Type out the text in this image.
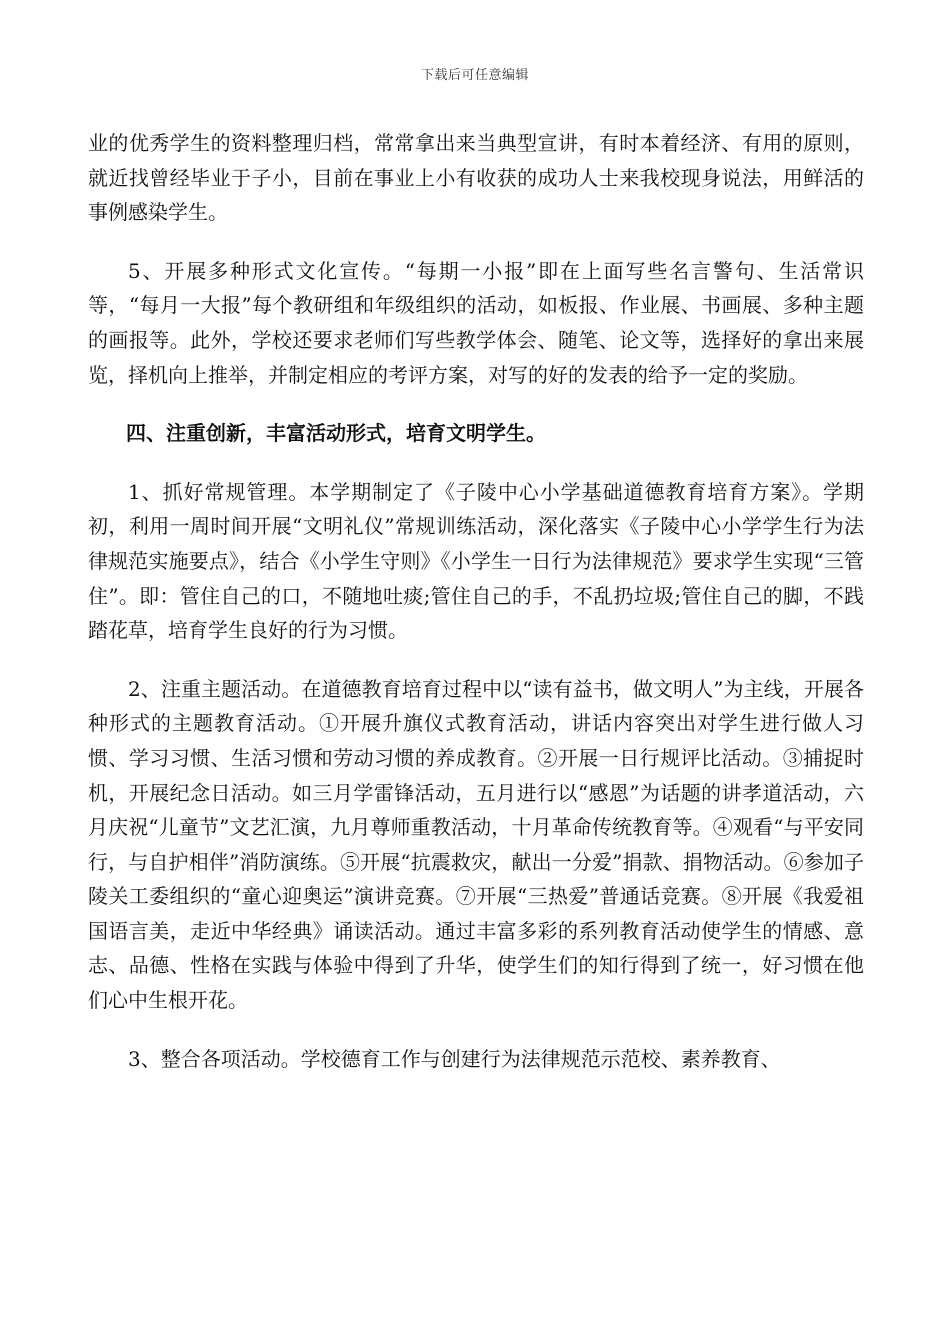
下载后可任意编辑

业的优秀学生的资料整理归档，常常拿出来当典型宣讲，有时本着经济、有用的原则，就近找曾经毕业于子小，目前在事业上小有收获的成功人士来我校现身说法，用鲜活的事例感染学生。

5、开展多种形式文化宣传。“每期一小报”即在上面写些名言警句、生活常识等，“每月一大报”每个教研组和年级组织的活动，如板报、作业展、书画展、多种主题的画报等。此外，学校还要求老师们写些教学体会、随笔、论文等，选择好的拿出来展览，择机向上推举，并制定相应的考评方案，对写的好的发表的给予一定的奖励。

四、注重创新，丰富活动形式，培育文明学生。

1、抓好常规管理。本学期制定了《子陵中心小学基础道德教育培育方案》。学期初，利用一周时间开展“文明礼仪”常规训练活动，深化落实《子陵中心小学学生行为法律规范实施要点》，结合《小学生守则》《小学生一日行为法律规范》要求学生实现“三管住”。即：管住自己的口，不随地吐痰;管住自己的手，不乱扔垃圾;管住自己的脚，不践踏花草，培育学生良好的行为习惯。

2、注重主题活动。在道德教育培育过程中以“读有益书，做文明人”为主线，开展各种形式的主题教育活动。①开展升旗仪式教育活动，讲话内容突出对学生进行做人习惯、学习习惯、生活习惯和劳动习惯的养成教育。②开展一日行规评比活动。③捕捉时机，开展纪念日活动。如三月学雷锋活动，五月进行以“感恩”为话题的讲孝道活动，六月庆祝“儿童节”文艺汇演，九月尊师重教活动，十月革命传统教育等。④观看“与平安同行，与自护相伴”消防演练。⑤开展“抗震救灾，献出一分爱”捐款、捐物活动。⑥参加子陵关工委组织的“童心迎奥运”演讲竞赛。⑦开展“三热爱”普通话竞赛。⑧开展《我爱祖国语言美，走近中华经典》诵读活动。通过丰富多彩的系列教育活动使学生的情感、意志、品德、性格在实践与体验中得到了升华，使学生们的知行得到了统一，好习惯在他们心中生根开花。

3、整合各项活动。学校德育工作与创建行为法律规范示范校、素养教育、
